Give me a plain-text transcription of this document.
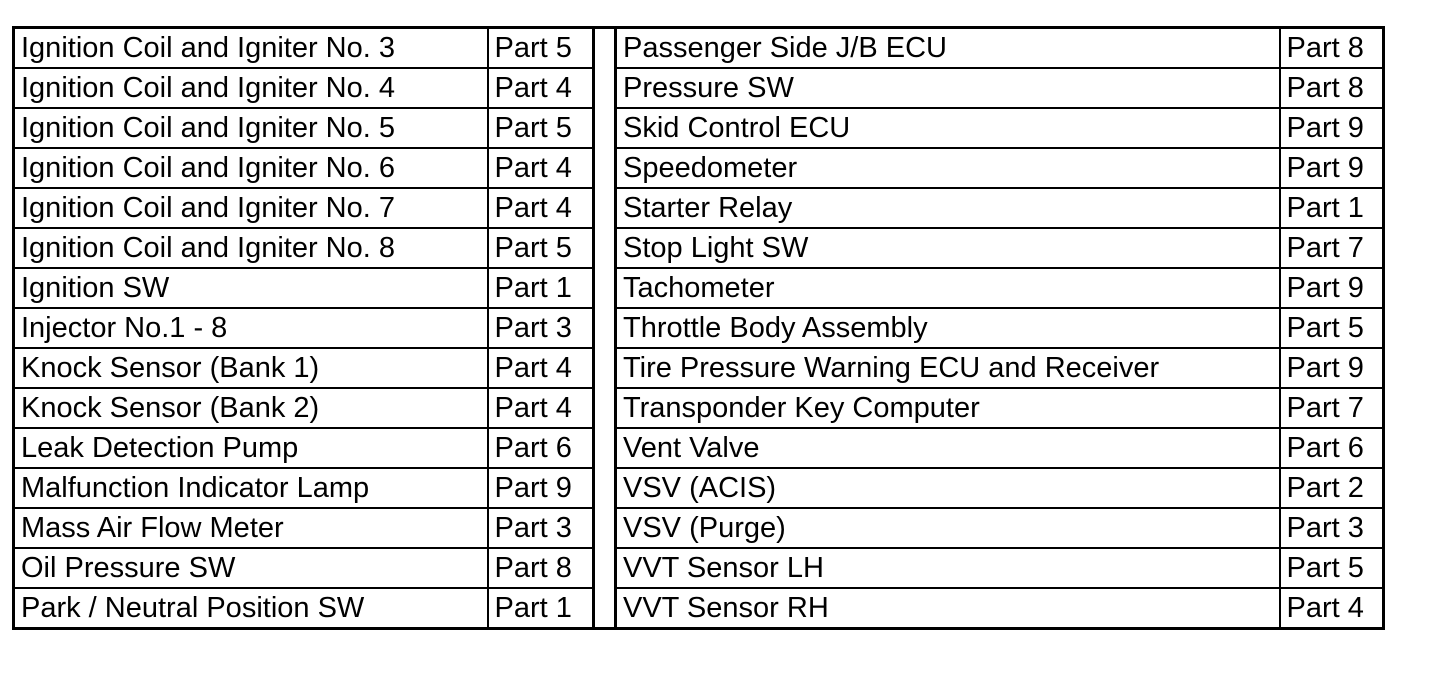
Ignition Coil and Igniter No. 3	Part 5		Passenger Side J/B ECU	Part 8
Ignition Coil and Igniter No. 4	Part 4		Pressure SW	Part 8
Ignition Coil and Igniter No. 5	Part 5		Skid Control ECU	Part 9
Ignition Coil and Igniter No. 6	Part 4		Speedometer	Part 9
Ignition Coil and Igniter No. 7	Part 4		Starter Relay	Part 1
Ignition Coil and Igniter No. 8	Part 5		Stop Light SW	Part 7
Ignition SW	Part 1		Tachometer	Part 9
Injector No.1 - 8	Part 3		Throttle Body Assembly	Part 5
Knock Sensor (Bank 1)	Part 4		Tire Pressure Warning ECU and Receiver	Part 9
Knock Sensor (Bank 2)	Part 4		Transponder Key Computer	Part 7
Leak Detection Pump	Part 6		Vent Valve	Part 6
Malfunction Indicator Lamp	Part 9		VSV (ACIS)	Part 2
Mass Air Flow Meter	Part 3		VSV (Purge)	Part 3
Oil Pressure SW	Part 8		VVT Sensor LH	Part 5
Park / Neutral Position SW	Part 1		VVT Sensor RH	Part 4
